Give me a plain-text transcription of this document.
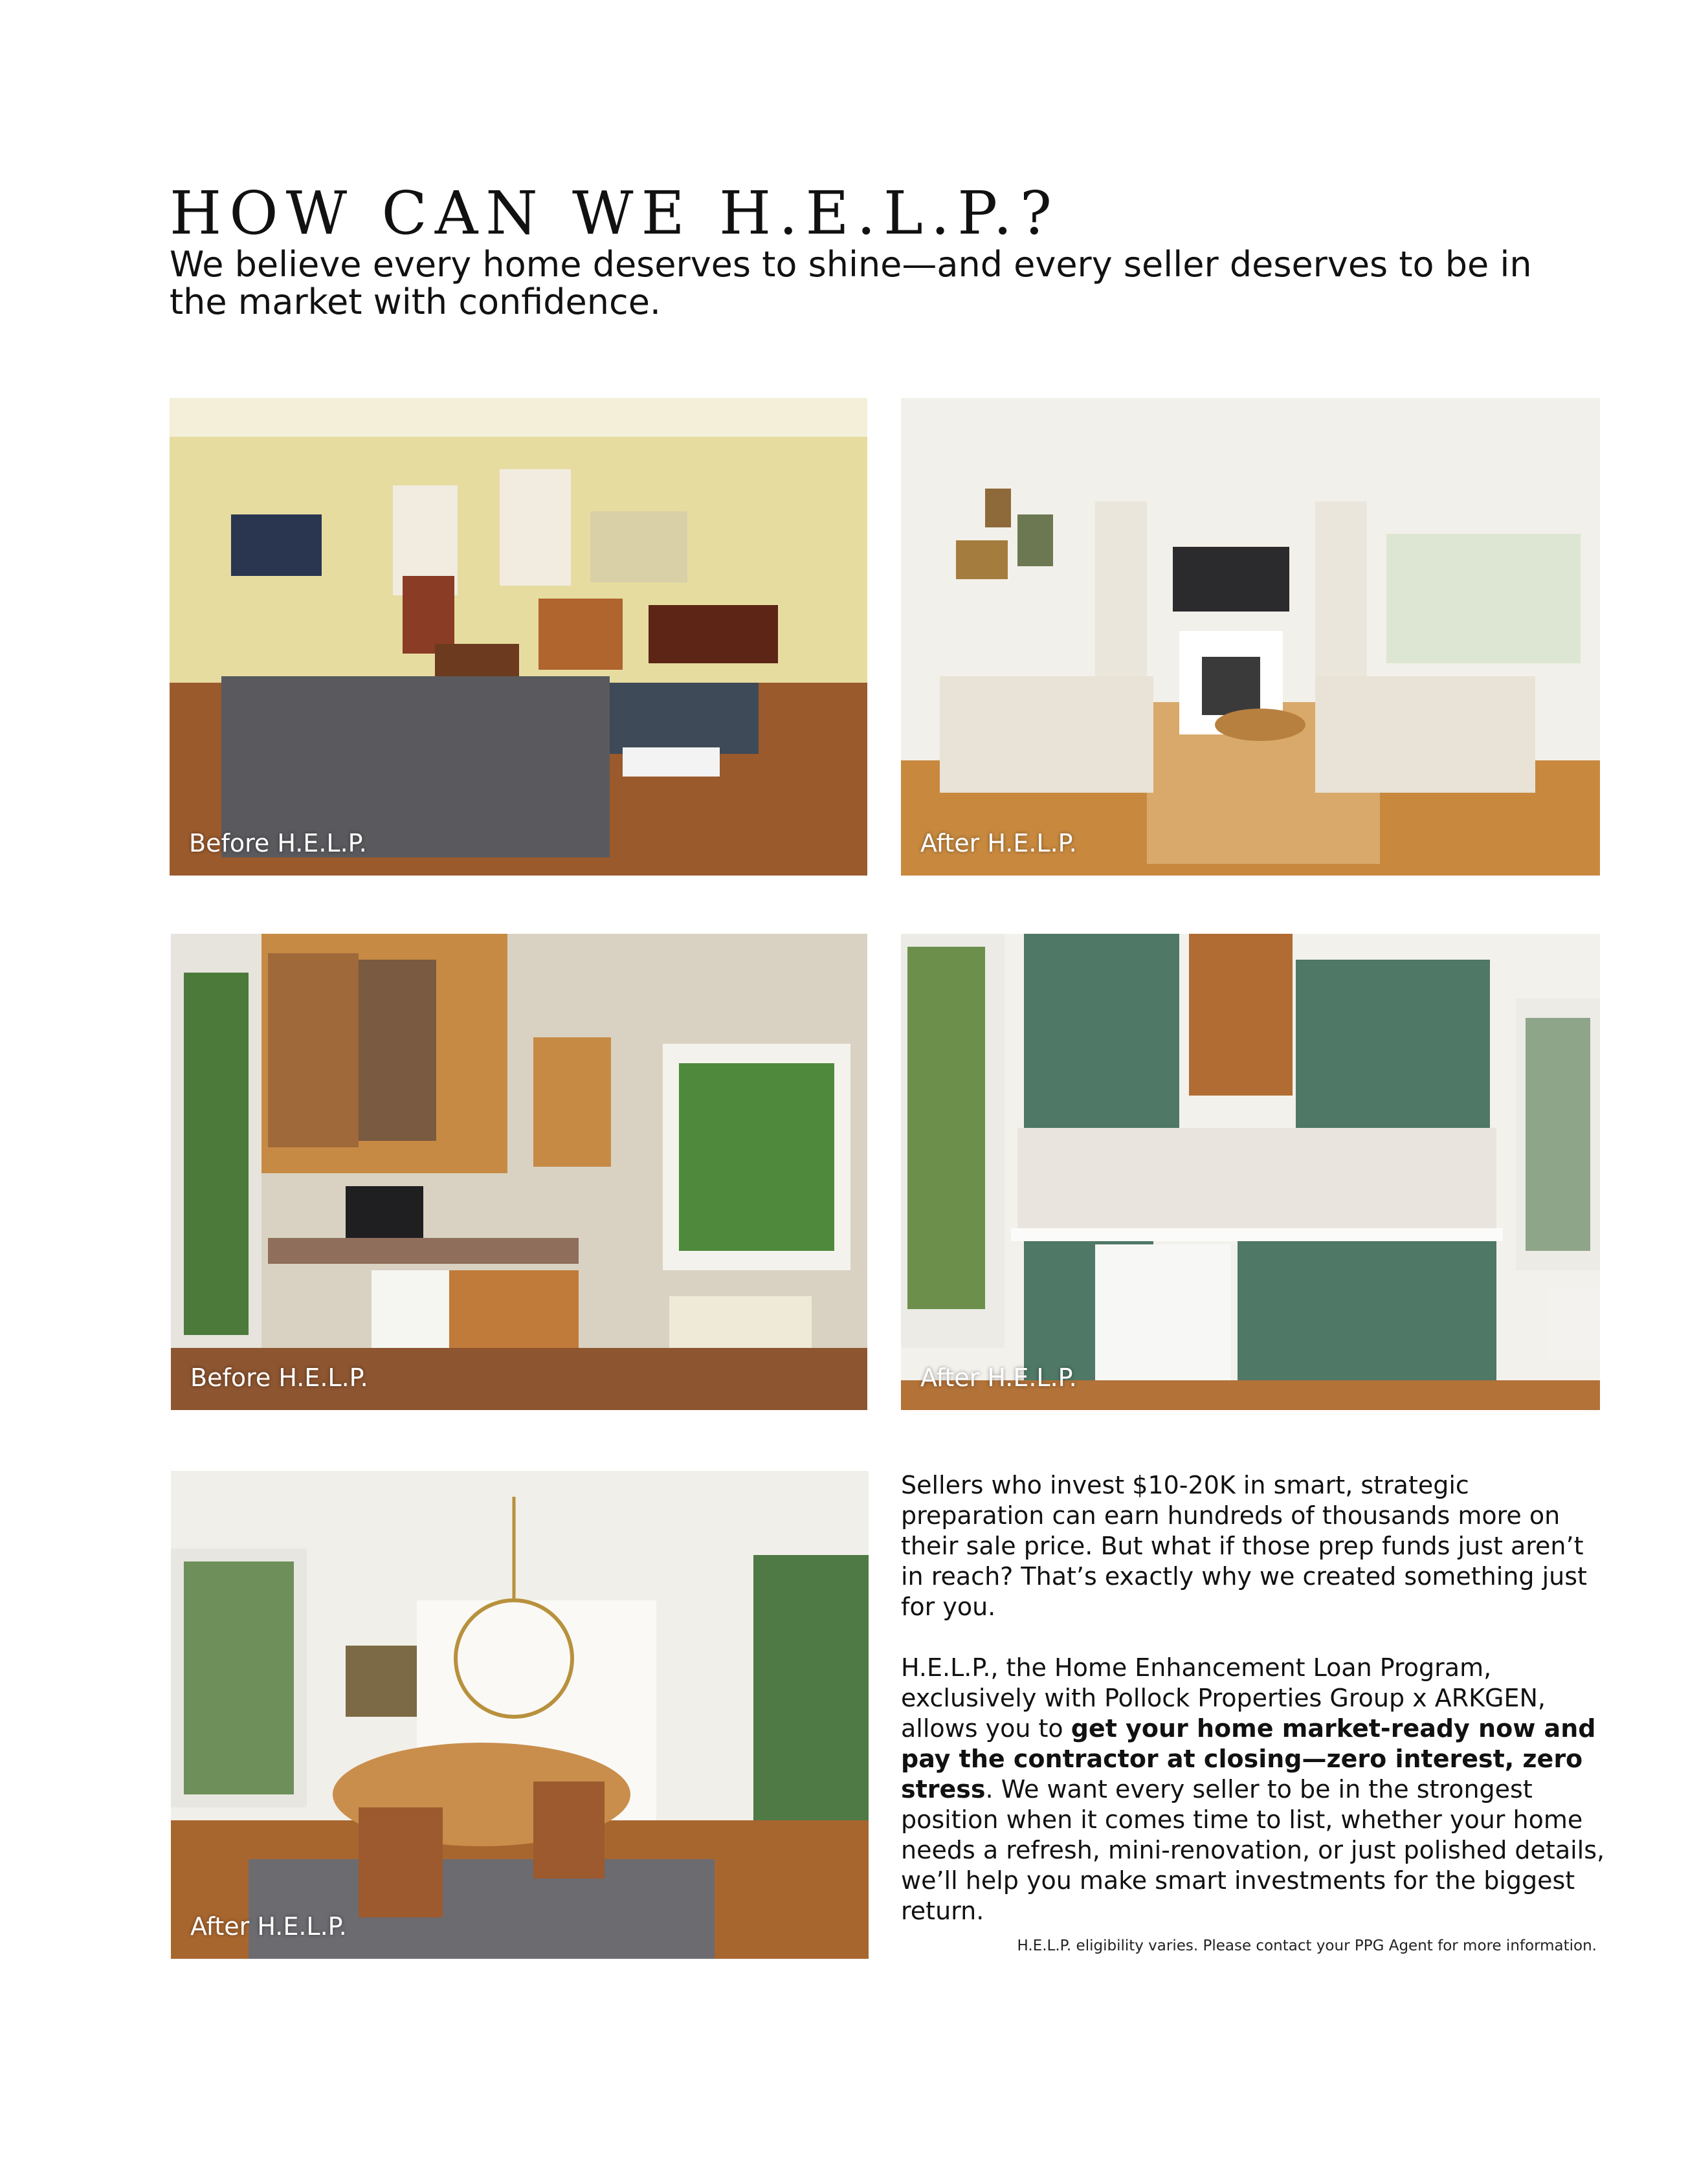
HOW CAN WE H.E.L.P.?

We believe every home deserves to shine—and every seller deserves to be in the market with confidence.

Before H.E.L.P.	After H.E.L.P.
Before H.E.L.P.	After H.E.L.P.
After H.E.L.P.

Sellers who invest $10-20K in smart, strategic preparation can earn hundreds of thousands more on their sale price. But what if those prep funds just aren’t in reach? That’s exactly why we created something just for you.

H.E.L.P., the Home Enhancement Loan Program, exclusively with Pollock Properties Group x ARKGEN, allows you to get your home market-ready now and pay the contractor at closing—zero interest, zero stress. We want every seller to be in the strongest position when it comes time to list, whether your home needs a refresh, mini-renovation, or just polished details, we’ll help you make smart investments for the biggest return.

H.E.L.P. eligibility varies. Please contact your PPG Agent for more information.
